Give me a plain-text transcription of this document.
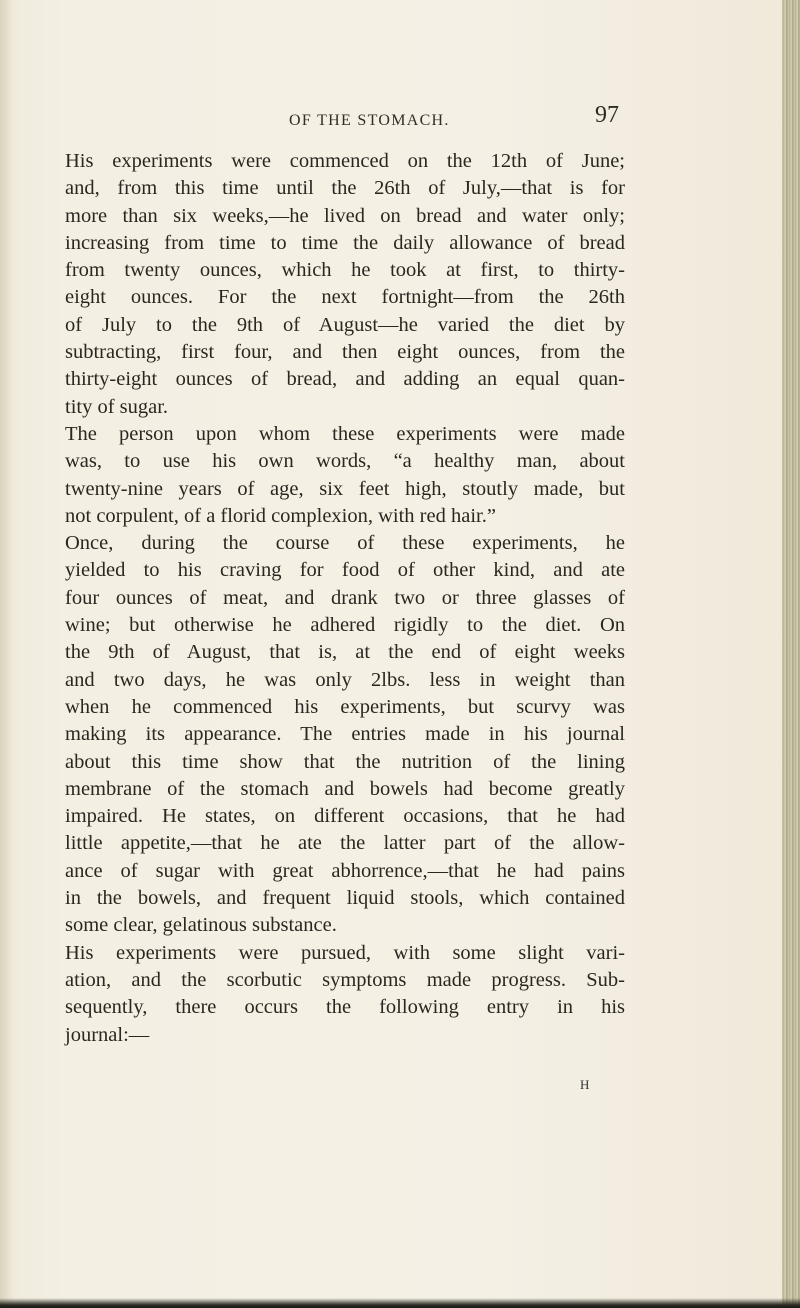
OF THE STOMACH.	97
His experiments were commenced on the 12th of June;
and, from this time until the 26th of July,—that is for
more than six weeks,—he lived on bread and water only;
increasing from time to time the daily allowance of bread
from twenty ounces, which he took at first, to thirty-
eight ounces. For the next fortnight—from the 26th
of July to the 9th of August—he varied the diet by
subtracting, first four, and then eight ounces, from the
thirty-eight ounces of bread, and adding an equal quan-
tity of sugar.
The person upon whom these experiments were made
was, to use his own words, “a healthy man, about
twenty-nine years of age, six feet high, stoutly made, but
not corpulent, of a florid complexion, with red hair.”
Once, during the course of these experiments, he
yielded to his craving for food of other kind, and ate
four ounces of meat, and drank two or three glasses of
wine; but otherwise he adhered rigidly to the diet. On
the 9th of August, that is, at the end of eight weeks
and two days, he was only 2lbs. less in weight than
when he commenced his experiments, but scurvy was
making its appearance. The entries made in his journal
about this time show that the nutrition of the lining
membrane of the stomach and bowels had become greatly
impaired. He states, on different occasions, that he had
little appetite,—that he ate the latter part of the allow-
ance of sugar with great abhorrence,—that he had pains
in the bowels, and frequent liquid stools, which contained
some clear, gelatinous substance.
His experiments were pursued, with some slight vari-
ation, and the scorbutic symptoms made progress. Sub-
sequently, there occurs the following entry in his
journal:—
H
